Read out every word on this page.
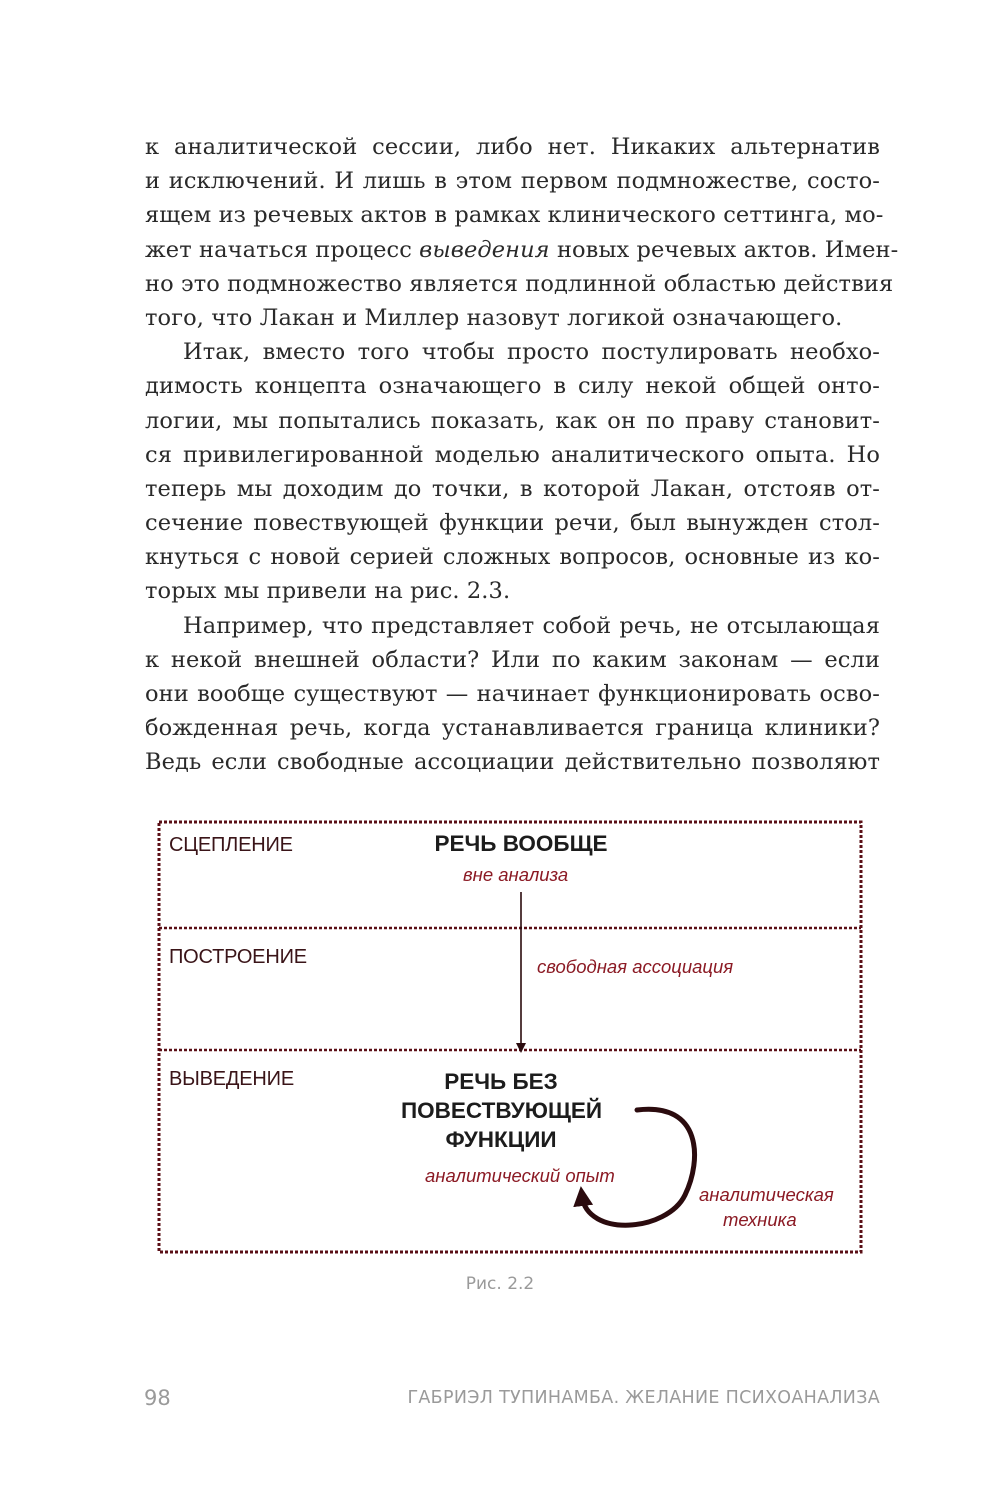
к аналитической сессии, либо нет. Никаких альтернатив
и исключений. И лишь в этом первом подмножестве, состо-
ящем из речевых актов в рамках клинического сеттинга, мо-
жет начаться процесс выведения новых речевых актов. Имен-
но это подмножество является подлинной областью действия
того, что Лакан и Миллер назовут логикой означающего.
Итак, вместо того чтобы просто постулировать необхо-
димость концепта означающего в силу некой общей онто-
логии, мы попытались показать, как он по праву становит-
ся привилегированной моделью аналитического опыта. Но
теперь мы доходим до точки, в которой Лакан, отстояв от-
сечение повествующей функции речи, был вынужден стол-
кнуться с новой серией сложных вопросов, основные из ко-
торых мы привели на рис. 2.3.
Например, что представляет собой речь, не отсылающая
к некой внешней области? Или по каким законам — если
они вообще существуют — начинает функционировать осво-
божденная речь, когда устанавливается граница клиники?
Ведь если свободные ассоциации действительно позволяют
СЦЕПЛЕНИЕ
ПОСТРОЕНИЕ
ВЫВЕДЕНИЕ
РЕЧЬ ВООБЩЕ
вне анализа
свободная ассоциация
РЕЧЬ БЕЗ
ПОВЕСТВУЮЩЕЙ
ФУНКЦИИ
аналитический опыт
аналитическая
техника
Рис. 2.2
98	ГАБРИЭЛ ТУПИНАМБА. ЖЕЛАНИЕ ПСИХОАНАЛИЗА
